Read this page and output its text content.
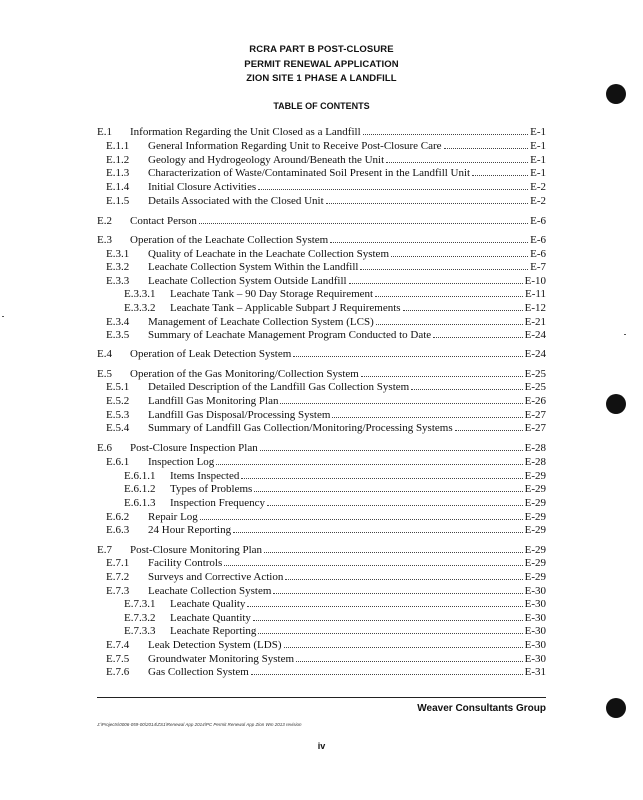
RCRA PART B POST-CLOSURE
PERMIT RENEWAL APPLICATION
ZION SITE 1 PHASE A LANDFILL
TABLE OF CONTENTS
E.1 Information Regarding the Unit Closed as a Landfill	E-1
E.1.1 General Information Regarding Unit to Receive Post-Closure Care	E-1
E.1.2 Geology and Hydrogeology Around/Beneath the Unit	E-1
E.1.3 Characterization of Waste/Contaminated Soil Present in the Landfill Unit	E-1
E.1.4 Initial Closure Activities	E-2
E.1.5 Details Associated with the Closed Unit	E-2
E.2 Contact Person	E-6
E.3 Operation of the Leachate Collection System	E-6
E.3.1 Quality of Leachate in the Leachate Collection System	E-6
E.3.2 Leachate Collection System Within the Landfill	E-7
E.3.3 Leachate Collection System Outside Landfill	E-10
E.3.3.1 Leachate Tank – 90 Day Storage Requirement	E-11
E.3.3.2 Leachate Tank – Applicable Subpart J Requirements	E-12
E.3.4 Management of Leachate Collection System (LCS)	E-21
E.3.5 Summary of Leachate Management Program Conducted to Date	E-24
E.4 Operation of Leak Detection System	E-24
E.5 Operation of the Gas Monitoring/Collection System	E-25
E.5.1 Detailed Description of the Landfill Gas Collection System	E-25
E.5.2 Landfill Gas Monitoring Plan	E-26
E.5.3 Landfill Gas Disposal/Processing System	E-27
E.5.4 Summary of Landfill Gas Collection/Monitoring/Processing Systems	E-27
E.6 Post-Closure Inspection Plan	E-28
E.6.1 Inspection Log	E-28
E.6.1.1 Items Inspected	E-29
E.6.1.2 Types of Problems	E-29
E.6.1.3 Inspection Frequency	E-29
E.6.2 Repair Log	E-29
E.6.3 24 Hour Reporting	E-29
E.7 Post-Closure Monitoring Plan	E-29
E.7.1 Facility Controls	E-29
E.7.2 Surveys and Corrective Action	E-29
E.7.3 Leachate Collection System	E-30
E.7.3.1 Leachate Quality	E-30
E.7.3.2 Leachate Quantity	E-30
E.7.3.3 Leachate Reporting	E-30
E.7.4 Leak Detection System (LDS)	E-30
E.7.5 Groundwater Monitoring System	E-30
E.7.6 Gas Collection System	E-31
Weaver Consultants Group
J:\Projects\0006-059-00\2014\ZS1\Renewal App 2014\PC Permit Renewal App Zion Wm 2013 revision
iv
